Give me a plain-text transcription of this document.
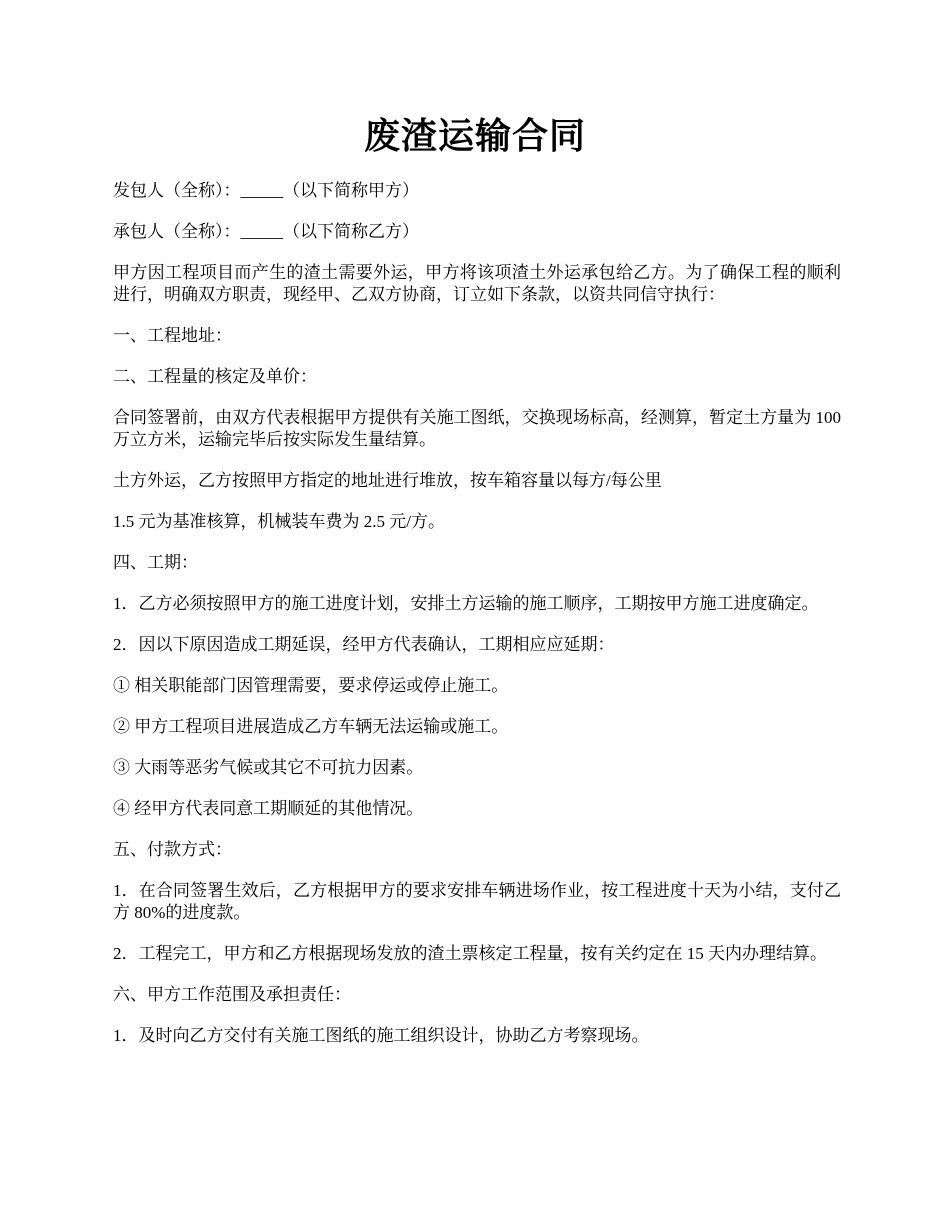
废渣运输合同

发包人（全称）：_____（以下简称甲方）

承包人（全称）：_____（以下简称乙方）

甲方因工程项目而产生的渣土需要外运，甲方将该项渣土外运承包给乙方。为了确保工程的顺利进行，明确双方职责，现经甲、乙双方协商，订立如下条款，以资共同信守执行：

一、工程地址：

二、工程量的核定及单价：

合同签署前，由双方代表根据甲方提供有关施工图纸，交换现场标高，经测算，暂定土方量为 100 万立方米，运输完毕后按实际发生量结算。

土方外运，乙方按照甲方指定的地址进行堆放，按车箱容量以每方/每公里

1.5 元为基准核算，机械装车费为 2.5 元/方。

四、工期：

1．乙方必须按照甲方的施工进度计划，安排土方运输的施工顺序，工期按甲方施工进度确定。

2．因以下原因造成工期延误，经甲方代表确认，工期相应应延期：

① 相关职能部门因管理需要，要求停运或停止施工。

② 甲方工程项目进展造成乙方车辆无法运输或施工。

③ 大雨等恶劣气候或其它不可抗力因素。

④ 经甲方代表同意工期顺延的其他情况。

五、付款方式：

1．在合同签署生效后，乙方根据甲方的要求安排车辆进场作业，按工程进度十天为小结，支付乙方 80%的进度款。

2．工程完工，甲方和乙方根据现场发放的渣土票核定工程量，按有关约定在 15 天内办理结算。

六、甲方工作范围及承担责任：

1．及时向乙方交付有关施工图纸的施工组织设计，协助乙方考察现场。
